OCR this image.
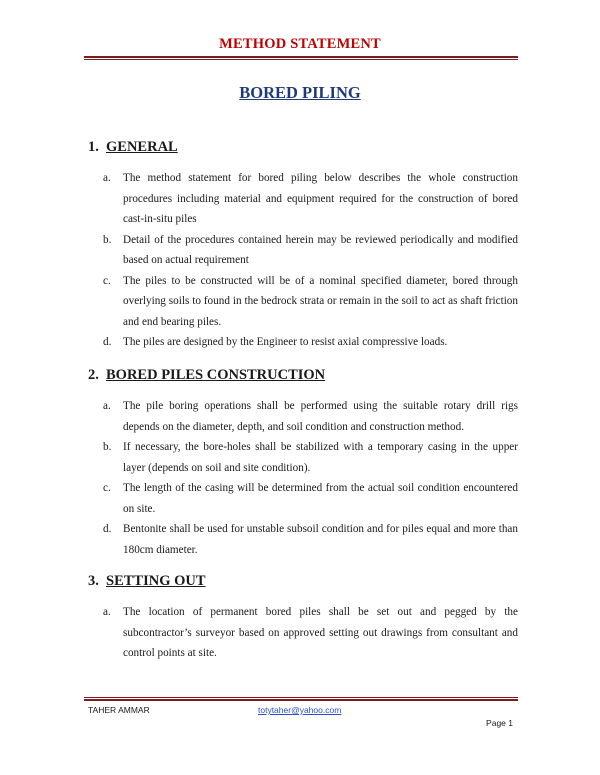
METHOD STATEMENT
BORED PILING
1. GENERAL
a. The method statement for bored piling below describes the whole construction procedures including material and equipment required for the construction of bored cast-in-situ piles
b. Detail of the procedures contained herein may be reviewed periodically and modified based on actual requirement
c. The piles to be constructed will be of a nominal specified diameter, bored through overlying soils to found in the bedrock strata or remain in the soil to act as shaft friction and end bearing piles.
d. The piles are designed by the Engineer to resist axial compressive loads.
2. BORED PILES CONSTRUCTION
a. The pile boring operations shall be performed using the suitable rotary drill rigs depends on the diameter, depth, and soil condition and construction method.
b. If necessary, the bore-holes shall be stabilized with a temporary casing in the upper layer (depends on soil and site condition).
c. The length of the casing will be determined from the actual soil condition encountered on site.
d. Bentonite shall be used for unstable subsoil condition and for piles equal and more than 180cm diameter.
3. SETTING OUT
a. The location of permanent bored piles shall be set out and pegged by the subcontractor’s surveyor based on approved setting out drawings from consultant and control points at site.
TAHER AMMAR	totytaher@yahoo.com
Page 1
